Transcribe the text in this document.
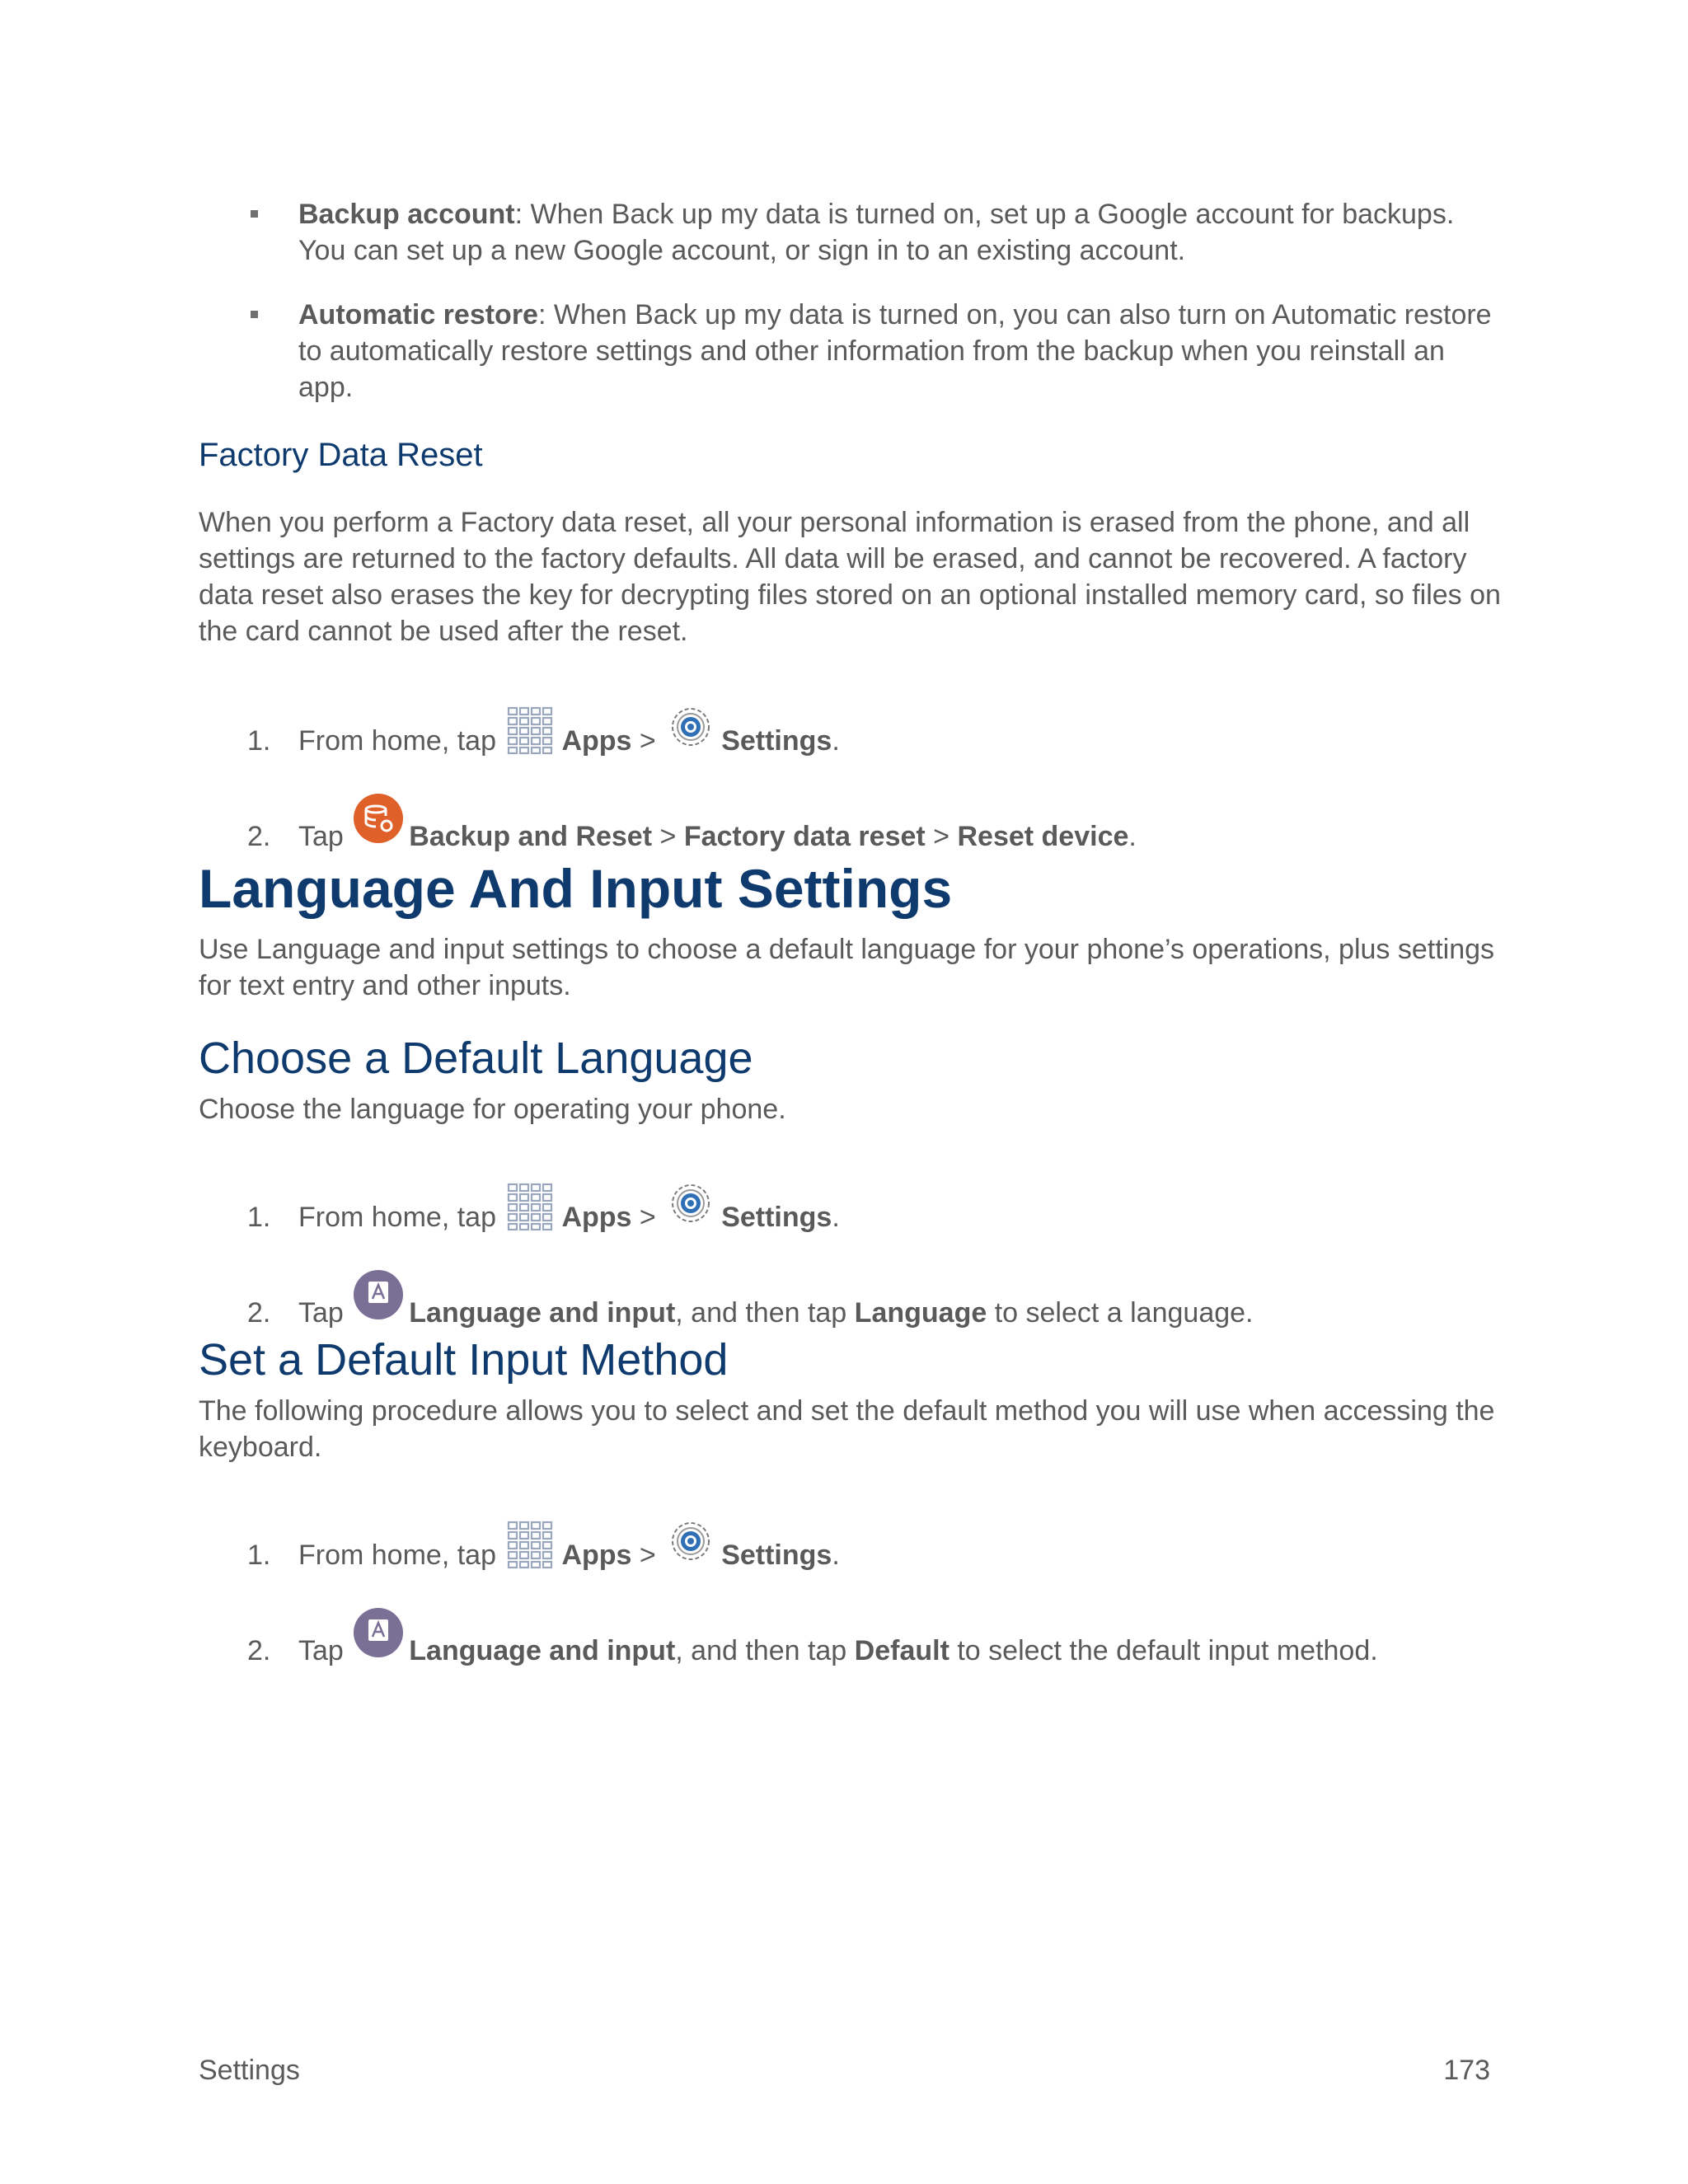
Backup account: When Back up my data is turned on, set up a Google account for backups. You can set up a new Google account, or sign in to an existing account.
Automatic restore: When Back up my data is turned on, you can also turn on Automatic restore to automatically restore settings and other information from the backup when you reinstall an app.
Factory Data Reset
When you perform a Factory data reset, all your personal information is erased from the phone, and all settings are returned to the factory defaults. All data will be erased, and cannot be recovered. A factory data reset also erases the key for decrypting files stored on an optional installed memory card, so files on the card cannot be used after the reset.
1. From home, tap Apps > Settings.
2. Tap Backup and Reset > Factory data reset > Reset device.
Language And Input Settings
Use Language and input settings to choose a default language for your phone’s operations, plus settings for text entry and other inputs.
Choose a Default Language
Choose the language for operating your phone.
1. From home, tap Apps > Settings.
2. Tap Language and input, and then tap Language to select a language.
Set a Default Input Method
The following procedure allows you to select and set the default method you will use when accessing the keyboard.
1. From home, tap Apps > Settings.
2. Tap Language and input, and then tap Default to select the default input method.
Settings	173
